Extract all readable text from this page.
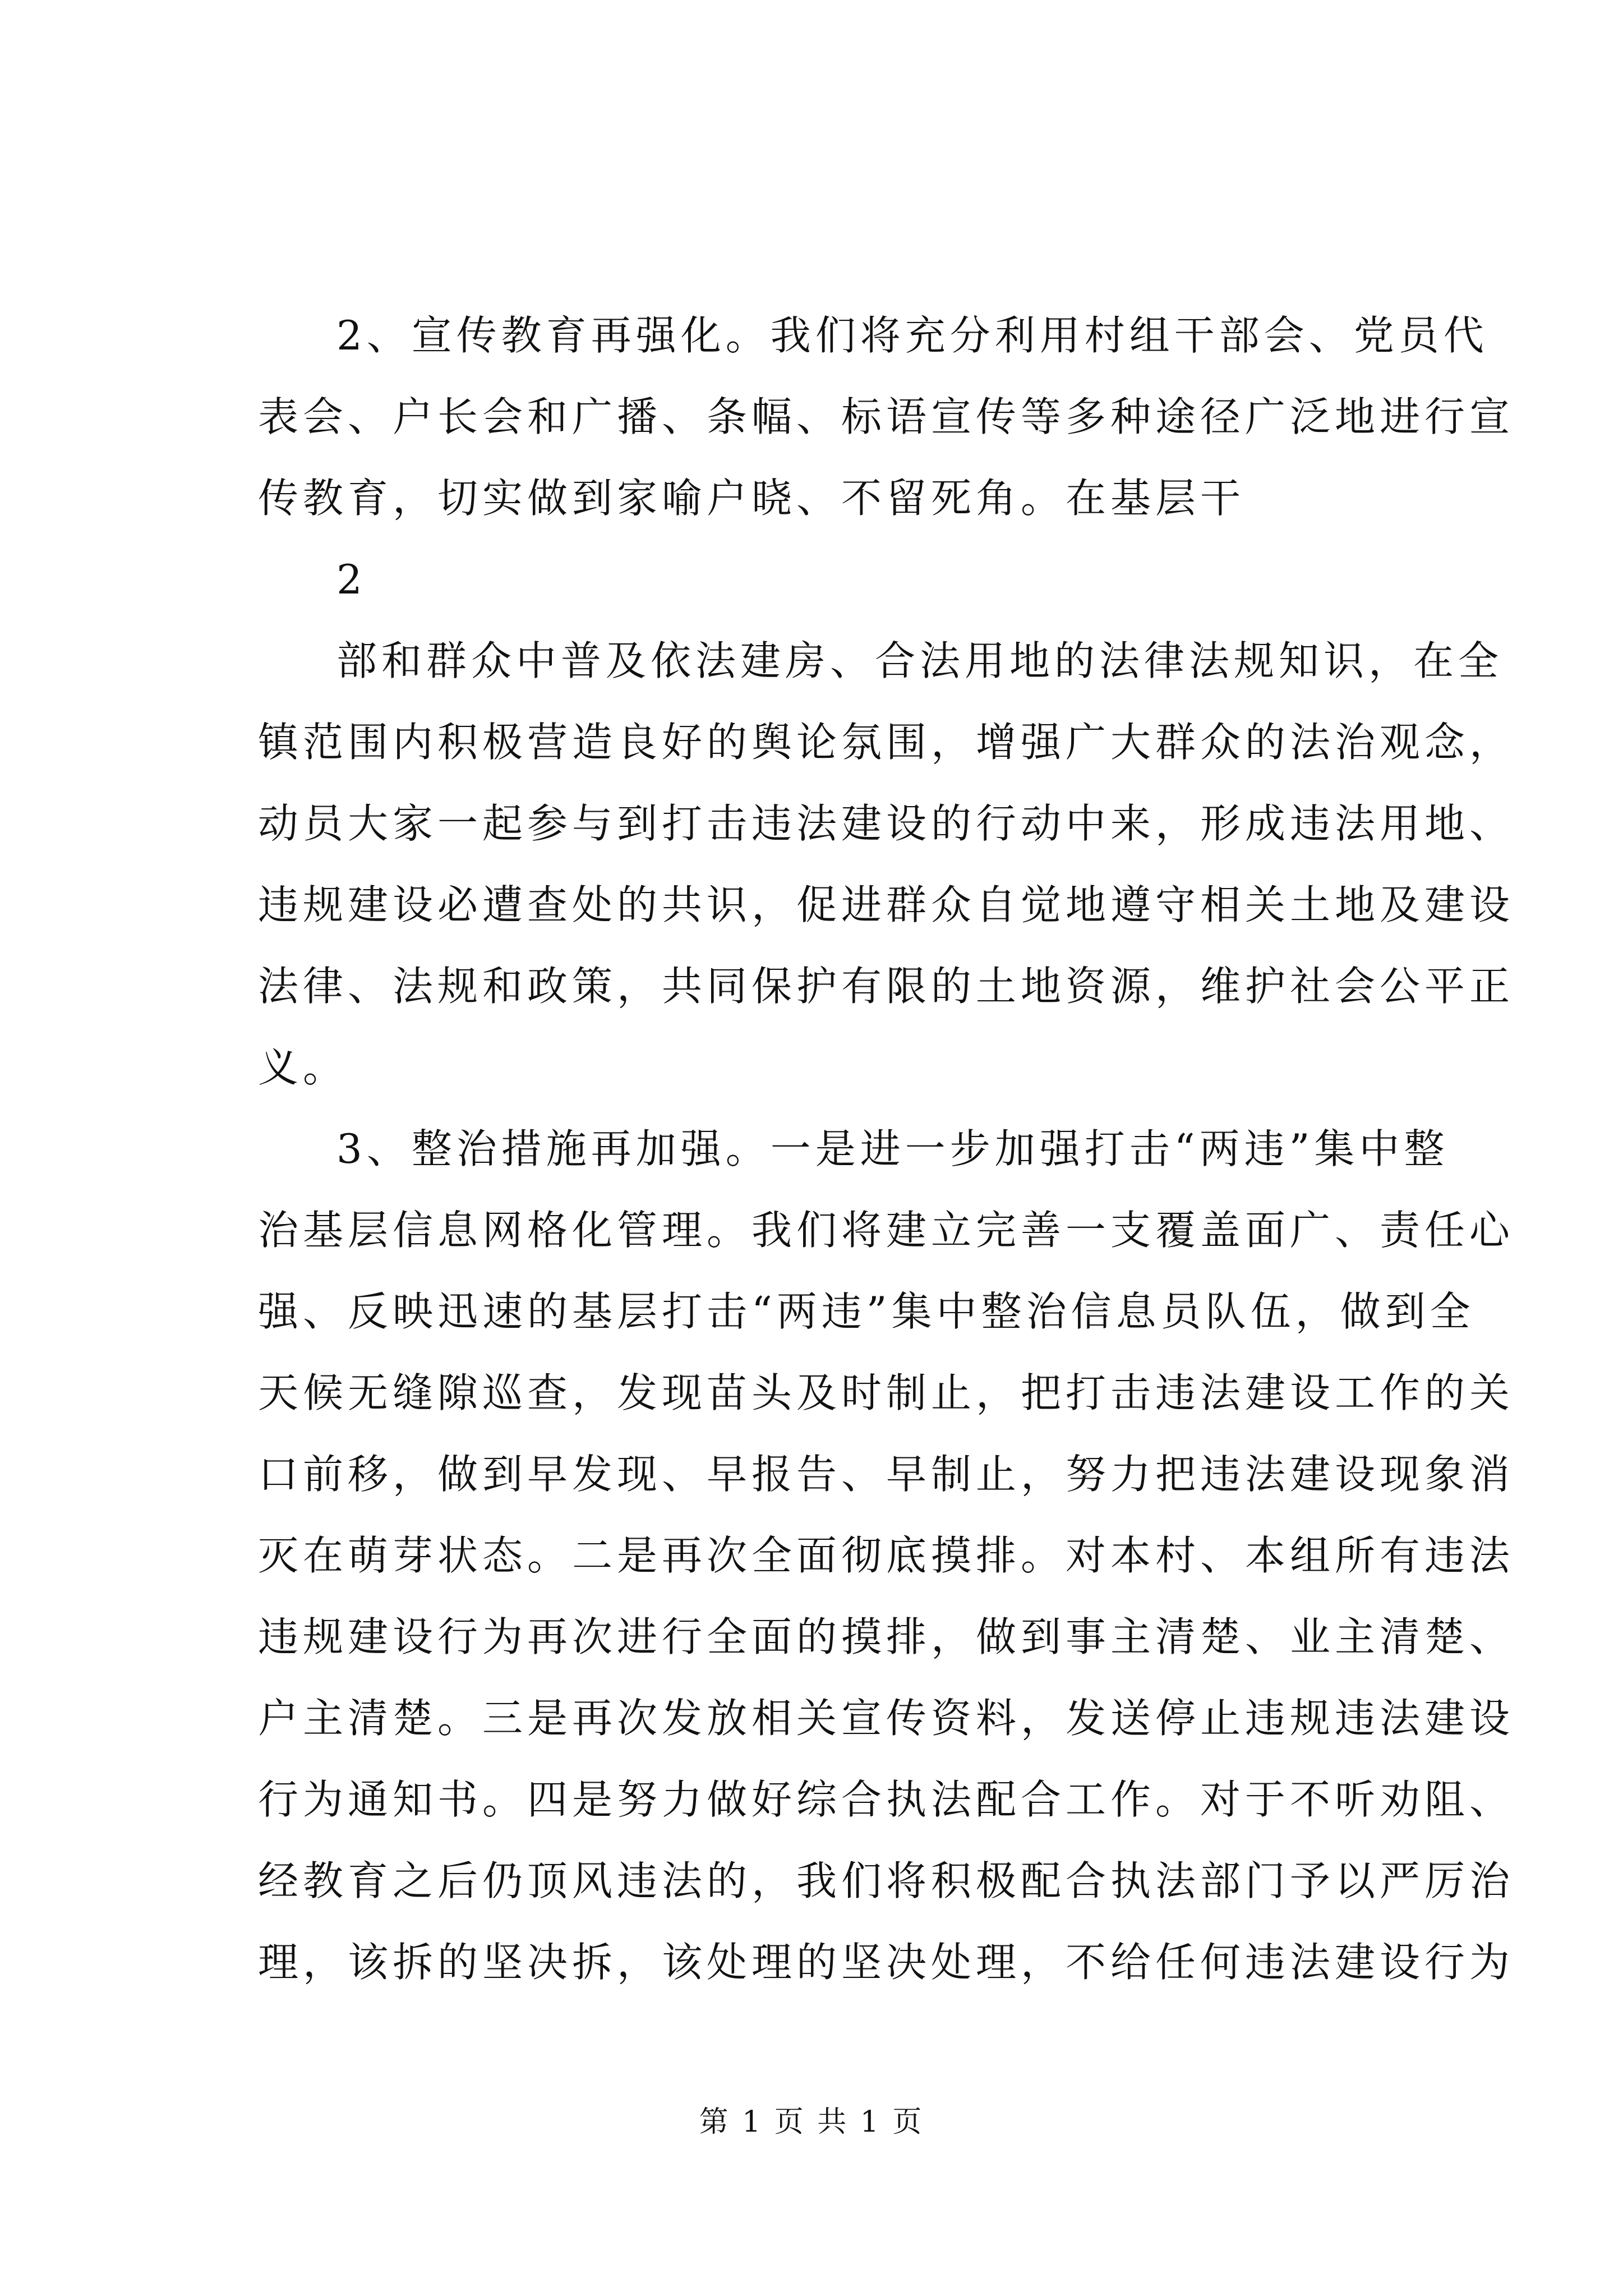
2、宣传教育再强化。我们将充分利用村组干部会、党员代
表会、户长会和广播、条幅、标语宣传等多种途径广泛地进行宣
传教育，切实做到家喻户晓、不留死角。在基层干
2
部和群众中普及依法建房、合法用地的法律法规知识，在全
镇范围内积极营造良好的舆论氛围，增强广大群众的法治观念，
动员大家一起参与到打击违法建设的行动中来，形成违法用地、
违规建设必遭查处的共识，促进群众自觉地遵守相关土地及建设
法律、法规和政策，共同保护有限的土地资源，维护社会公平正
义。
3、整治措施再加强。一是进一步加强打击“两违”集中整
治基层信息网格化管理。我们将建立完善一支覆盖面广、责任心
强、反映迅速的基层打击“两违”集中整治信息员队伍，做到全
天候无缝隙巡查，发现苗头及时制止，把打击违法建设工作的关
口前移，做到早发现、早报告、早制止，努力把违法建设现象消
灭在萌芽状态。二是再次全面彻底摸排。对本村、本组所有违法
违规建设行为再次进行全面的摸排，做到事主清楚、业主清楚、
户主清楚。三是再次发放相关宣传资料，发送停止违规违法建设
行为通知书。四是努力做好综合执法配合工作。对于不听劝阻、
经教育之后仍顶风违法的，我们将积极配合执法部门予以严厉治
理，该拆的坚决拆，该处理的坚决处理，不给任何违法建设行为
第 1 页 共 1 页
